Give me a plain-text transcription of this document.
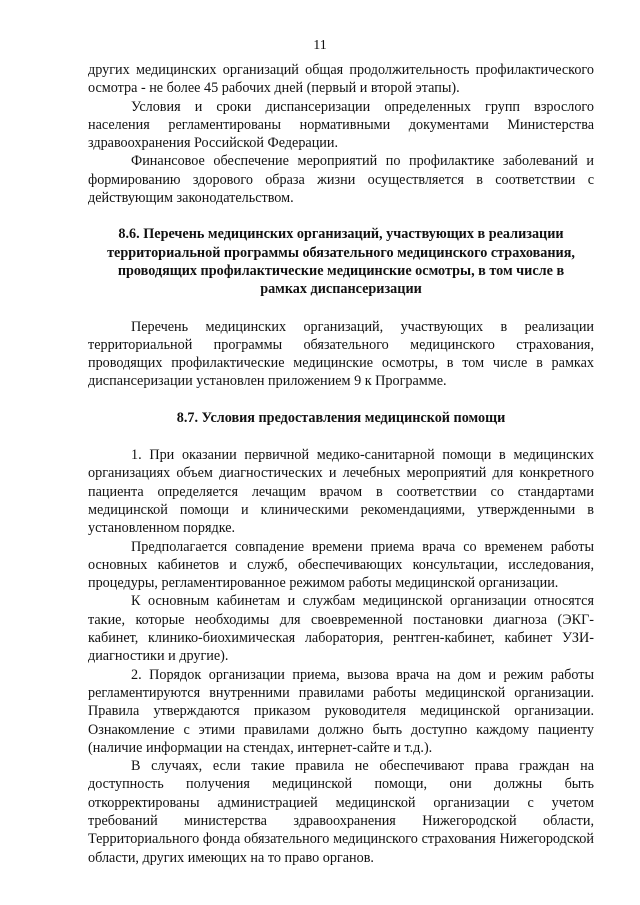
11

других медицинских организаций общая продолжительность профилактического осмотра - не более 45 рабочих дней (первый и второй этапы).

Условия и сроки диспансеризации определенных групп взрослого населения регламентированы нормативными документами Министерства здравоохранения Российской Федерации.

Финансовое обеспечение мероприятий по профилактике заболеваний и формированию здорового образа жизни осуществляется в соответствии с действующим законодательством.

8.6. Перечень медицинских организаций, участвующих в реализации территориальной программы обязательного медицинского страхования, проводящих профилактические медицинские осмотры, в том числе в рамках диспансеризации

Перечень медицинских организаций, участвующих в реализации территориальной программы обязательного медицинского страхования, проводящих профилактические медицинские осмотры, в том числе в рамках диспансеризации установлен приложением 9 к Программе.

8.7. Условия предоставления медицинской помощи

1. При оказании первичной медико-санитарной помощи в медицинских организациях объем диагностических и лечебных мероприятий для конкретного пациента определяется лечащим врачом в соответствии со стандартами медицинской помощи и клиническими рекомендациями, утвержденными в установленном порядке.

Предполагается совпадение времени приема врача со временем работы основных кабинетов и служб, обеспечивающих консультации, исследования, процедуры, регламентированное режимом работы медицинской организации.

К основным кабинетам и службам медицинской организации относятся такие, которые необходимы для своевременной постановки диагноза (ЭКГ-кабинет, клинико-биохимическая лаборатория, рентген-кабинет, кабинет УЗИ-диагностики и другие).

2. Порядок организации приема, вызова врача на дом и режим работы регламентируются внутренними правилами работы медицинской организации. Правила утверждаются приказом руководителя медицинской организации. Ознакомление с этими правилами должно быть доступно каждому пациенту (наличие информации на стендах, интернет-сайте и т.д.).

В случаях, если такие правила не обеспечивают права граждан на доступность получения медицинской помощи, они должны быть откорректированы администрацией медицинской организации с учетом требований министерства здравоохранения Нижегородской области, Территориального фонда обязательного медицинского страхования Нижегородской области, других имеющих на то право органов.
